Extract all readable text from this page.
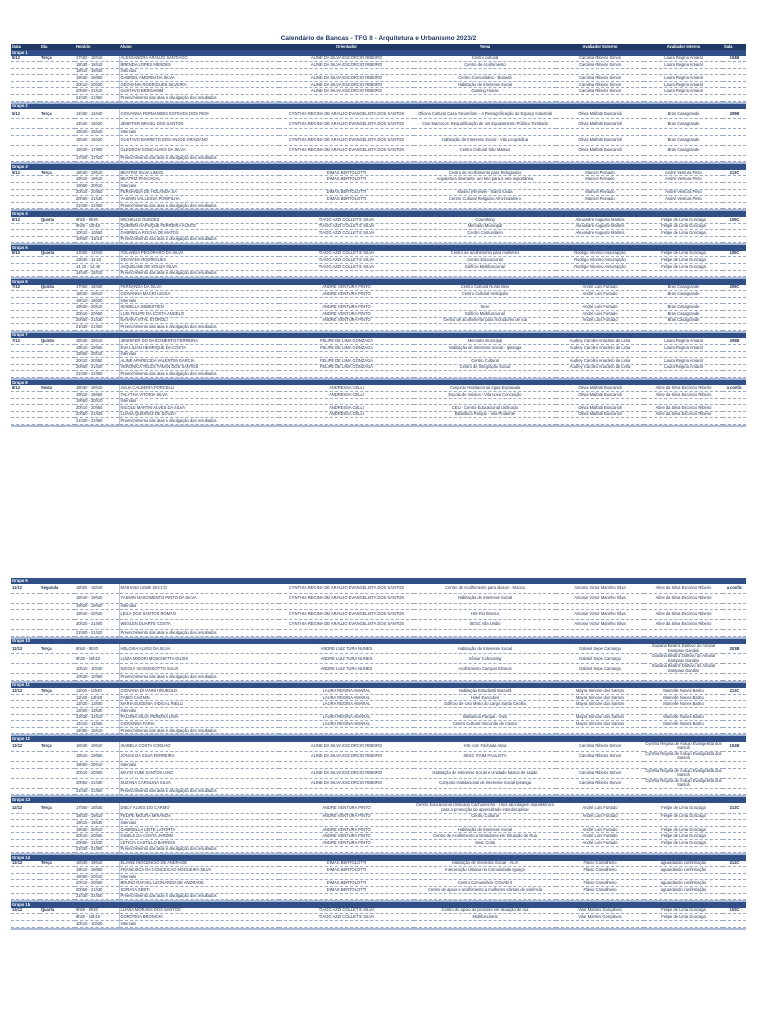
Calendário de Bancas - TFG II - Arquitetura e Urbanismo 2023/2
Data	Dia	Horário	Aluno	Orientador	Tema	Avaliador Externo	Avaliador Interno	Sala
Grupo 1								
5/12	Terça	17h50 - 18h10	ALESSANDRA ARAUJO SANTIAGO	ALINE DA SILVA ESCORCIO RIBEIRO	Centro cultural	Carolina Ribeiro Simon	Laura Regina Amaral	104B
		18h30 - 18h10	BRENDA LOPES MENDES	ALINE DA SILVA ESCORCIO RIBEIRO	Centro de Acolhimento	Carolina Ribeiro Simon	Laura Regina Amaral	
		19h10 - 19h30	Intervalo					
		19h30 - 19h50	GABRIEL AMORIM DA SILVA	ALINE DA SILVA ESCORCIO RIBEIRO	Centro Comunitário - Butantã	Carolina Ribeiro Simon	Laura Regina Amaral	
		20h10 - 20h30	GEOVANIA RODRIGUES SILVEIRA	ALINE DA SILVA ESCORCIO RIBEIRO	Habitação de Interesse Social	Carolina Ribeiro Simon	Laura Regina Amaral	
		20h50 - 21h10	GUSTAVO BERGAMIM	ALINE DA SILVA ESCORCIO RIBEIRO	Gaming House	Carolina Ribeiro Simon	Laura Regina Amaral	
		21h30 - 21h50	Preenchimento das atas e divulgação dos resultados					

Grupo 2								
5/12	Terça	14h00 - 14h40	GIOVANNA FERNANDES ESTEVES DOS REIS	CYNTHIA REGINA DE ARAUJO EVANGELISTA DOS SANTOS	Oficina Cultural Casa Yanomâmi – A Ressignificação do Espaço Industrial	Olivia Malfatti Buscarioli	Bras Casagrande	209B
		14h40 - 15h20	JENIFFER BRASIL DOS SANTOS	CYNTHIA REGINA DE ARAUJO EVANGELISTA DOS SANTOS	Cine Marrocos: Requalificação de um Equipamento Público Tombado	Olivia Malfatti Buscarioli	Bras Casagrande	
		15h20 - 15h40	Intervalo					
		15h40 - 16h20	GUSTAVO BARRETO DOS ANJOS GRAZIANO	CYNTHIA REGINA DE ARAUJO EVANGELISTA DOS SANTOS	Habitação de Interesse Social - Vila Leopoldina	Olivia Malfatti Buscarioli	Bras Casagrande	
		16h20 - 17h00	GLEDSON GONCALVES DA SILVA	CYNTHIA REGINA DE ARAUJO EVANGELISTA DOS SANTOS	Centro Cultural São Mateus	Olivia Malfatti Buscarioli	Bras Casagrande	
		17h00 - 17h20	Preenchimento das atas e divulgação dos resultados					

Grupo 3								
5/12	Terça	18h30 - 19h10	BEATRIZ SILVA LIMAO	DIMAS BERTOLOTTI	Centro de Acolhimento para Refugiados	Marciel Peinado	André Ventura Pinto	213C
		19h10 - 19h10	BEATRIZ PASCHOAL	DIMAS BERTOLOTTI	Arquitetura itinerante: um teto para a arte esportânea	Marciel Peinado	André Ventura Pinto	
		19h50 - 20h10	Intervalo					
		20h10 - 20h50	FERNANDA DE HOLANDA SA	DIMAS BERTOLOTTI	Museu (Re)viver - Barra funda	Marciel Peinado	André Ventura Pinto	
		20h50 - 21h30	YASMIN VALLESSA POMPILHA	DIMAS BERTOLOTTI	Centro Cultural Religioso Afro-brasileiro	Marciel Peinado	André Ventura Pinto	
		21h30 - 21h50	Preenchimento das atas e divulgação dos resultados					

Grupo 4								
6/12	Quarta	8h50 - 9h30	MICHELLE GUEDES	TIAGO AZZI COLLET E SILVA	Coworking	Alexandre Augusto Martins	Felipe de Lima Gonzaga	105C
		9h30 - 10h10	QUEREN HAPUQUE FERREIRA KUNTZ	TIAGO AZZI COLLET E SILVA	Mercado Municipal	Alexandre Augusto Martins	Felipe de Lima Gonzaga	
		10h10 - 10h50	GABRIELA ROCHA DE MATOS	TIAGO AZZI COLLET E SILVA	Centro Comunitário	Alexandre Augusto Martins	Felipe de Lima Gonzaga	
		10h50 - 11h10	Preenchimento das atas e divulgação dos resultados					

Grupo 5								
6/12	Quarta	13h00 - 13h40	YOLANDA PEGORARO DA SILVA	TIAGO AZZI COLLET E SILVA	Centro de acolhimento para mulheres	Rodrigo Vitorino Assumpção	Felipe de Lima Gonzaga	105C
		13h40 - 14:10	GEOVANA RODRIGUES	TIAGO AZZI COLLET E SILVA	Centro Educacional	Rodrigo Vitorino Assumpção	Felipe de Lima Gonzaga	
		14:10 - 14:40	JAQUELINE DE SOUZA SILVA	TIAGO AZZI COLLET E SILVA	Edifício Multifuncional	Rodrigo Vitorino Assumpção	Felipe de Lima Gonzaga	
		14h40 - 15h10	Preenchimento das atas e divulgação dos resultados					

Grupo 6								
7/12	Quinta	17h50 - 18h30	FERNANDA DA SILVA	ANDRE VENTURA PINTO	Centro Cultural Nordestino	André Luís Furtado	Bras Casagrande	209C
		18h30 - 19h10	GIOVANNA MACRI LESSA	ANDRE VENTURA PINTO	Centro Cultural Heliópolis	André Luís Furtado	Bras Casagrande	
		19h10 - 19h30	Intervalo					
		19h30 - 20h10	ISABELLA SEBESTIEN	ANDRE VENTURA PINTO	Sesc	André Luís Furtado	Bras Casagrande	
		20h10 - 20h50	LUIS FELIPE DA COSTA ANGELO	ANDRE VENTURA PINTO	Edifício Multifuncional	André Luís Furtado	Bras Casagrande	
		20h50 - 21h30	NAYARA VITAL STOROLI	ANDRE VENTURA PINTO	Centro de acolhimento para moradores de rua	André Luís Furtado	Bras Casagrande	
		21h30 - 21h50	Preenchimento das atas e divulgação dos resultados					

Grupo 7								
7/12	Quinta	18h30 - 19h10	JENNIFER DO NASCIMENTO FERREIRA	FELIPE DE LIMA GONZAGA	Mercado municipal	Audrey Carolini Anacleto de Lima	Laura Regina Amaral	205B
		19h10 - 19h50	EVA LILIAN HENRIQUE DA COSTA	FELIPE DE LIMA GONZAGA	Habitação de Interesse Social - Ipiranga	Audrey Carolini Anacleto de Lima	Laura Regina Amaral	
		19h50 - 20h10	Intervalo					
		20h10 - 20h50	ALINE APARECIDA VALENTIM GARCIA	FELIPE DE LIMA GONZAGA	Centro Cultural	Audrey Carolini Anacleto de Lima	Laura Regina Amaral	
		20h50 - 21h30	VERONICA TELES TANAN DOS SANTOS	FELIPE DE LIMA GONZAGA	Centro de Integração Social	Audrey Carolini Anacleto de Lima	Laura Regina Amaral	
		21h30 - 21h50	Preenchimento das atas e divulgação dos resultados					

Grupo 8								
8/12	Sexta	18h30 - 19h10	JULIA CALDEIRA PORCELLI	ANDRESSA CELLI	Conjunto Habitacional Água Espraiada	Olivia Malfatti Buscarioli	Aline da Silva Escórcio Ribeiro	a confir.
		19h10 - 19h50	TALYTHA VITORIA SILVA	ANDRESSA CELLI	Escola de música - Vila nova Conceição	Olivia Malfatti Buscarioli	Aline da Silva Escórcio Ribeiro	
		19h50 - 20h10	Intervalo					
		20h10 - 20h50	NICOLE MARTIN ALVES DA SILVA	ANDRESSA CELLI	CEU - Centro Educacional Unificado	Olivia Malfatti Buscarioli	Aline da Silva Escórcio Ribeiro	
		20h50 - 21h30	LUANA QUEIROZ DE SOUZA	ANDRESSA CELLI	Biblioteca Parque - Vila Prudente	Olivia Malfatti Buscarioli	Aline da Silva Escórcio Ribeiro	
		21h30 - 21h50	Preenchimento das atas e divulgação dos resultados					

Grupo 9								
11/12	Segunda	18h00 - 18h40	MARIANA LEME SECCO	CYNTHIA REGINA DE ARAUJO EVANGELISTA DOS SANTOS	Centro de Acolhimento para idosos - Mooca	Antonio Victor Marinho Silva	Aline da Silva Escórcio Ribeiro	a confir.
		18h40 - 19h20	YASMIN NASCIMENTO PINTO DA SILVA	CYNTHIA REGINA DE ARAUJO EVANGELISTA DOS SANTOS	Habitação de Interesse Social	Antonio Victor Marinho Silva	Aline da Silva Escórcio Ribeiro	
		19h20 - 19h40	Intervalo					
		19h40 - 20h20	LEILA DOS SANTOS ROMAO	CYNTHIA REGINA DE ARAUJO EVANGELISTA DOS SANTOS	HIS Rio Branco	Antonio Victor Marinho Silva	Aline da Silva Escórcio Ribeiro	
		20h20 - 21h00	WESLEN DUARTE COSTA	CYNTHIA REGINA DE ARAUJO EVANGELISTA DOS SANTOS	SESC Vila União	Antonio Victor Marinho Silva	Aline da Silva Escórcio Ribeiro	
		21h00 - 21h20	Preenchimento das atas e divulgação dos resultados					

Grupo 10								
12/12	Terça	8h50 - 9h30	HELOISA ALVES DA SILVA	ANDRE LUIZ TURA NUNES	Habitação de Interesse Social	Gabriel Sepe Camargo	Giuliana Beatriz Dalfovo do Amaral Sampaio Gandini	203B
		9h30 - 10h10	LUIZA MIDORI MOSCHETTA GUSHI	ANDRE LUIZ TURA NUNES	Sênior Cohousing	Gabriel Sepe Camargo	Giuliana Beatriz Dalfovo do Amaral Sampaio Gandini	
		10h10 - 10h30	NICOLY VICENSSOTTO SALVI	ANDRE LUIZ TURA NUNES	Acolhimento Campos Elíseos	Gabriel Sepe Camargo	Giuliana Beatriz Dalfovo do Amaral Sampaio Gandini	
		10h30 - 10h50	Preenchimento das atas e divulgação dos resultados					

Grupo 11								
12/12	Terça	11h00 - 11h40	GIOVANA DI IANNI HRUBOLD	LAURA REGINA AMARAL	Habitação Estudantil Butantã	Mayra Simone dos Santos	Marcelle Nunes Barbo	213C
		11h40 - 12h20	FABIO CAGNIN	LAURA REGINA AMARAL	Hotel Executivo	Mayra Simone dos Santos	Marcelle Nunes Barbo	
		12h20 - 13h00	MARIA EUGENIA VIDIGAL RIELLI	LAURA REGINA AMARAL	Edifício de Uso Misto do Largo Santa Cecília	Mayra Simone dos Santos	Marcelle Nunes Barbo	
		13h00 - 13h30	Intervalo					
		13h30 - 14h10	PALOMA SILVA PEREIRA LIMA	LAURA REGINA AMARAL	Biblioteca Parque - Viva	Mayra Simone dos Santos	Marcelle Nunes Barbo	
		14h10 - 14h50	GIOVANNA FARIA	LAURA REGINA AMARAL	Centro Cultural Visconde de Castro	Mayra Simone dos Santos	Marcelle Nunes Barbo	
		14h50 - 15h10	Preenchimento das atas e divulgação dos resultados					

Grupo 12								
12/12	Terça	18h30 - 19h10	ISABELA COSTA COELHO	ALINE DA SILVA ESCORCIO RIBEIRO	HIS com Fachada Ativa	Carolina Ribeiro Simon	Cynthia Regina de Araujo Evangelista dos Santos	104B
		19h10 - 19h50	JONAS DA SILVA FERREIRA	ALINE DA SILVA ESCORCIO RIBEIRO	SESC ITAIM PAULISTA	Carolina Ribeiro Simon	Cynthia Regina de Araujo Evangelista dos Santos	
		19h50 - 20h10	Intervalo					
		20h10 - 20h50	MAYSI YUMI SANTOS IANO	ALINE DA SILVA ESCORCIO RIBEIRO	Habitação de Interesse Social e Unidade básica de saúde	Carolina Ribeiro Simon	Cynthia Regina de Araujo Evangelista dos Santos	
		20h50 - 21h30	SUZANA CAROLINA SILVA	ALINE DA SILVA ESCORCIO RIBEIRO	Conjunto Habitacional de Interesse Social Ipiranga	Carolina Ribeiro Simon	Cynthia Regina de Araujo Evangelista dos Santos	
		21h30 - 21h50	Preenchimento das atas e divulgação dos resultados					

Grupo 13								
12/12	Terça	17h50 - 18h30	DIELY ALVES DO CARMO	ANDRE VENTURA PINTO	Centro Educacional Unificado Cachoeirinha - Uma abordagem arquitetônica para a promoção do aprendizado interdisciplinar	André Luís Furtado	Felipe de Lima Gonzaga	213C
		18h30 - 19h10	FELIPE MOURA MIRANDA	ANDRE VENTURA PINTO	Centro Cultural	André Luís Furtado	Felipe de Lima Gonzaga	
		19h10 - 19h30	Intervalo					
		19h30 - 20h10	GABRIELLA LEITE LAFORTA	ANDRE VENTURA PINTO	Habitação de Interesse Social	André Luís Furtado	Felipe de Lima Gonzaga	
		20h10 - 20h50	GISELE DA COSTA JARDIM	ANDRE VENTURA PINTO	Centro de Acolhimento a Moradores em Situação de Rua	André Luís Furtado	Felipe de Lima Gonzaga	
		20h50 - 21h30	LETICIA CASTILLO BARROS	ANDRE VENTURA PINTO	Sesc Cotia	André Luís Furtado	Felipe de Lima Gonzaga	
		21h30 - 21h50	Preenchimento das atas e divulgação dos resultados					

Grupo 14								
12/12	Terça	18h30 - 19h10	ELIANE INOCENCIO DE ANDRADE	DIMAS BERTOLOTTI	Habitação de Interesse Social - ALIA	Flávio Carvalheiro	aguardando confirmação	212C
		19h10 - 19h50	FRANCISCA DA CONCEICAO NOGUEIRA SILVA	DIMAS BERTOLOTTI	Intervenção Urbana na Comunidade Iguaça	Flávio Carvalheiro	aguardando confirmação	
		19h50 - 20h10	Intervalo					
		20h10 - 20h50	BRUNO RAFAEL LEONARDO DE ANDRADE	DIMAS BERTOLOTTI	Centro Comunitário COHAB II	Flávio Carvalheiro	aguardando confirmação	
		20h50 - 21h30	SORAYA SEBTI	DIMAS BERTOLOTTI	Centro de apoio e acolhimento a mulheres vítimas de violência	Flávio Carvalheiro	aguardando confirmação	
		21h30 - 21h50	Preenchimento das atas e divulgação dos resultados					

Grupo 15								
13/12	Quarta	8h50 - 9h30	LUANA MORAES DOS SANTOS	TIAGO AZZI COLLET E SILVA	Centro de apoio as pessoas em situação de rua	Vitor Martins Gonçalves	Felipe de Lima Gonzaga	105C
		9h30 - 10h10	DOROTEIA BRONICKI	TIAGO AZZI COLLET E SILVA	Multifuncional	Vitor Martins Gonçalves	Felipe de Lima Gonzaga	
		10h10 - 10h30	Intervalo					
